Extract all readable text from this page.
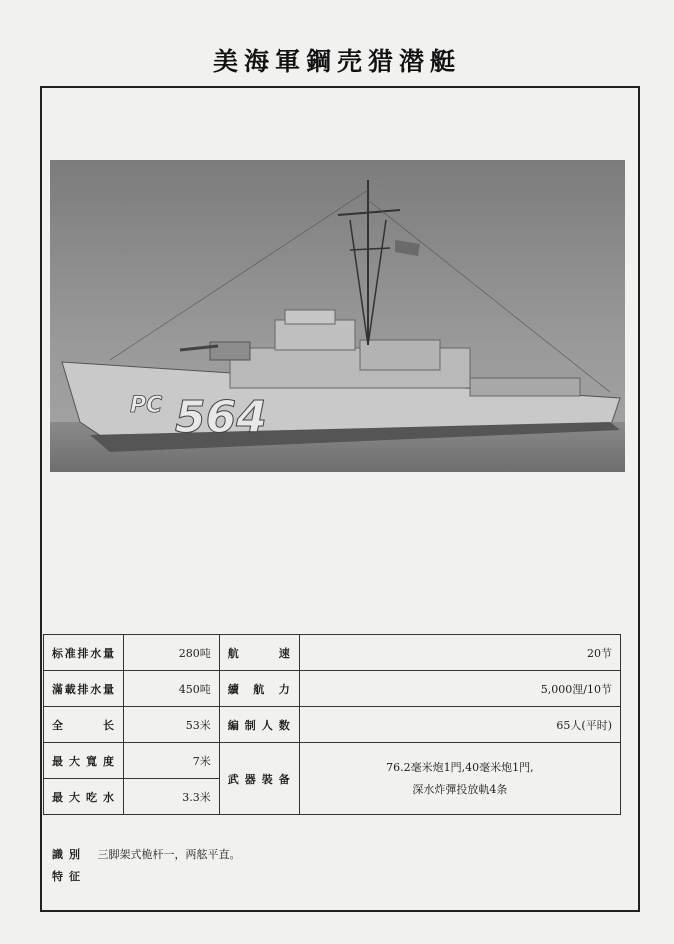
美海軍鋼売猎潜艇
PC 564
标准排水量	280吨	航速	20节
滿載排水量	450吨	續航力	5,000浬/10节
全长	53米	編制人数	65人(平时)
最大寬度	7米	武器裝备	76.2毫米炮1門,40毫米炮1門,
深水炸彈投放軌4条

最大吃水	3.3米		
識別 三脚架式桅杆一，两舷平直。
特征
